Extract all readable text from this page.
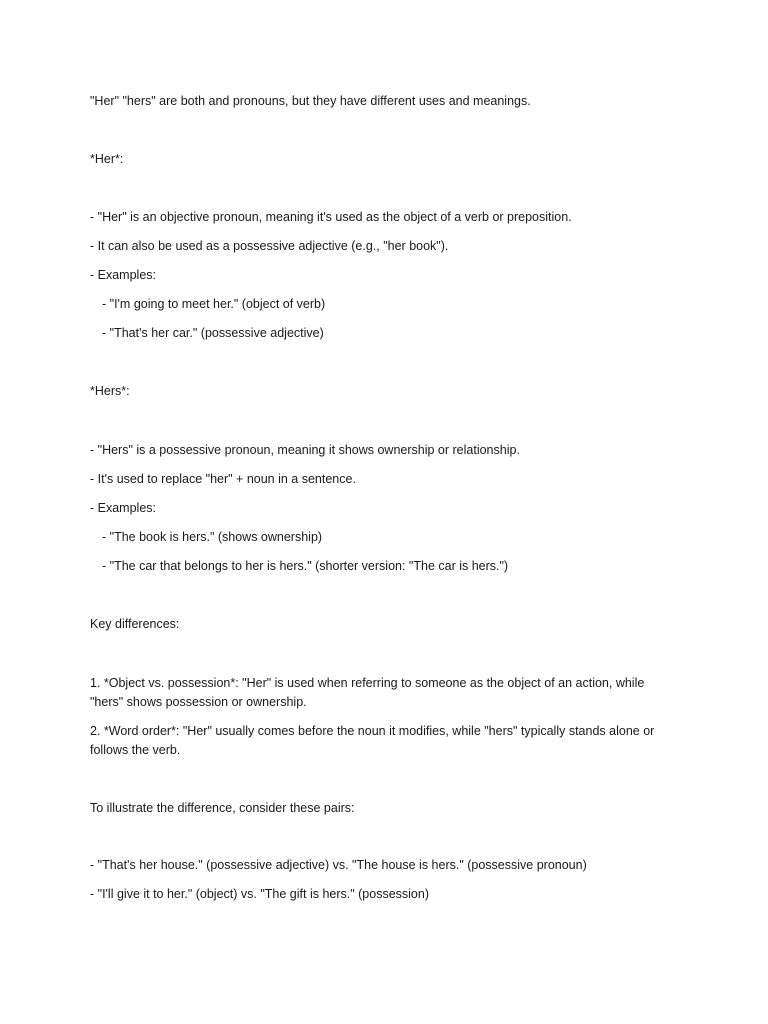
"Her" "hers" are both and pronouns, but they have different uses and meanings.
*Her*:
- "Her" is an objective pronoun, meaning it's used as the object of a verb or preposition.
- It can also be used as a possessive adjective (e.g., "her book").
- Examples:
- "I'm going to meet her." (object of verb)
- "That's her car." (possessive adjective)
*Hers*:
- "Hers" is a possessive pronoun, meaning it shows ownership or relationship.
- It's used to replace "her" + noun in a sentence.
- Examples:
- "The book is hers." (shows ownership)
- "The car that belongs to her is hers." (shorter version: "The car is hers.")
Key differences:
1. *Object vs. possession*: "Her" is used when referring to someone as the object of an action, while "hers" shows possession or ownership.
2. *Word order*: "Her" usually comes before the noun it modifies, while "hers" typically stands alone or follows the verb.
To illustrate the difference, consider these pairs:
- "That's her house." (possessive adjective) vs. "The house is hers." (possessive pronoun)
- "I'll give it to her." (object) vs. "The gift is hers." (possession)
